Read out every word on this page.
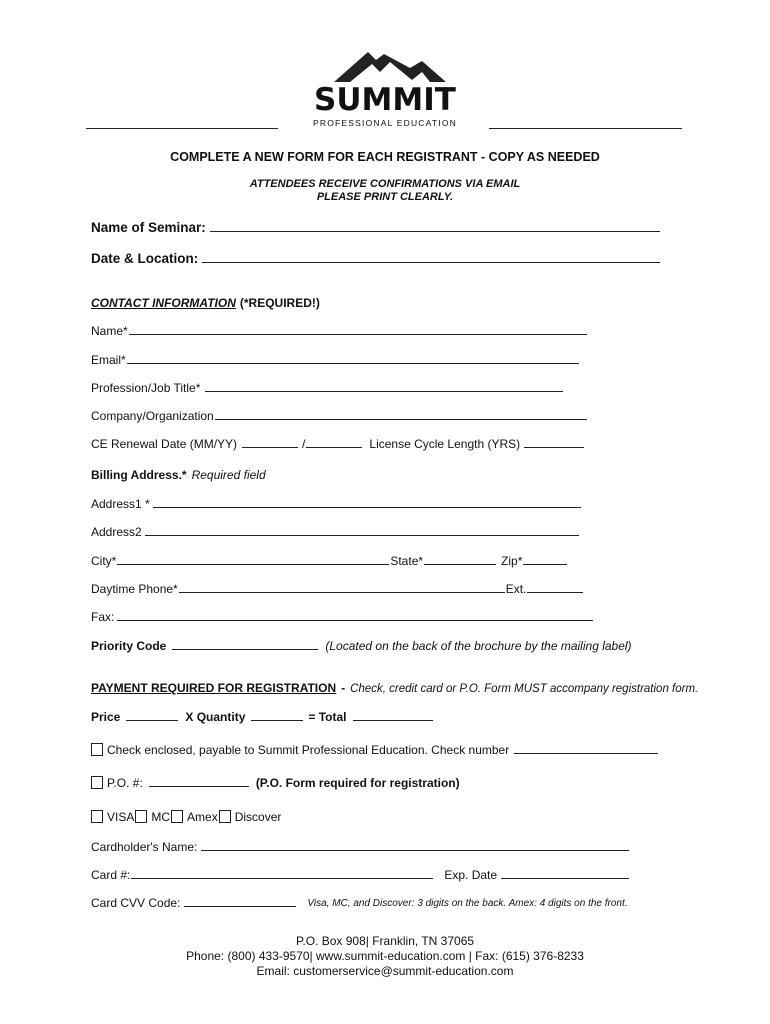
SUMMIT
PROFESSIONAL EDUCATION
COMPLETE A NEW FORM FOR EACH REGISTRANT - COPY AS NEEDED
ATTENDEES RECEIVE CONFIRMATIONS VIA EMAIL
PLEASE PRINT CLEARLY.
Name of Seminar:
Date & Location:
CONTACT INFORMATION (*REQUIRED!)
Name*
Email*
Profession/Job Title*
Company/Organization
CE Renewal Date (MM/YY)	/	License Cycle Length (YRS)
Billing Address.* Required field
Address1 *
Address2
City*	State*	Zip*
Daytime Phone*	Ext.
Fax:
Priority Code	(Located on the back of the brochure by the mailing label)
PAYMENT REQUIRED FOR REGISTRATION - Check, credit card or P.O. Form MUST accompany registration form.
Price	X Quantity	= Total
Check enclosed, payable to Summit Professional Education. Check number
P.O. #:	(P.O. Form required for registration)
VISA MC Amex Discover
Cardholder's Name:
Card #:	Exp. Date
Card CVV Code:	Visa, MC, and Discover: 3 digits on the back. Amex: 4 digits on the front.
P.O. Box 908| Franklin, TN 37065
Phone: (800) 433-9570| www.summit-education.com | Fax: (615) 376-8233
Email: customerservice@summit-education.com
